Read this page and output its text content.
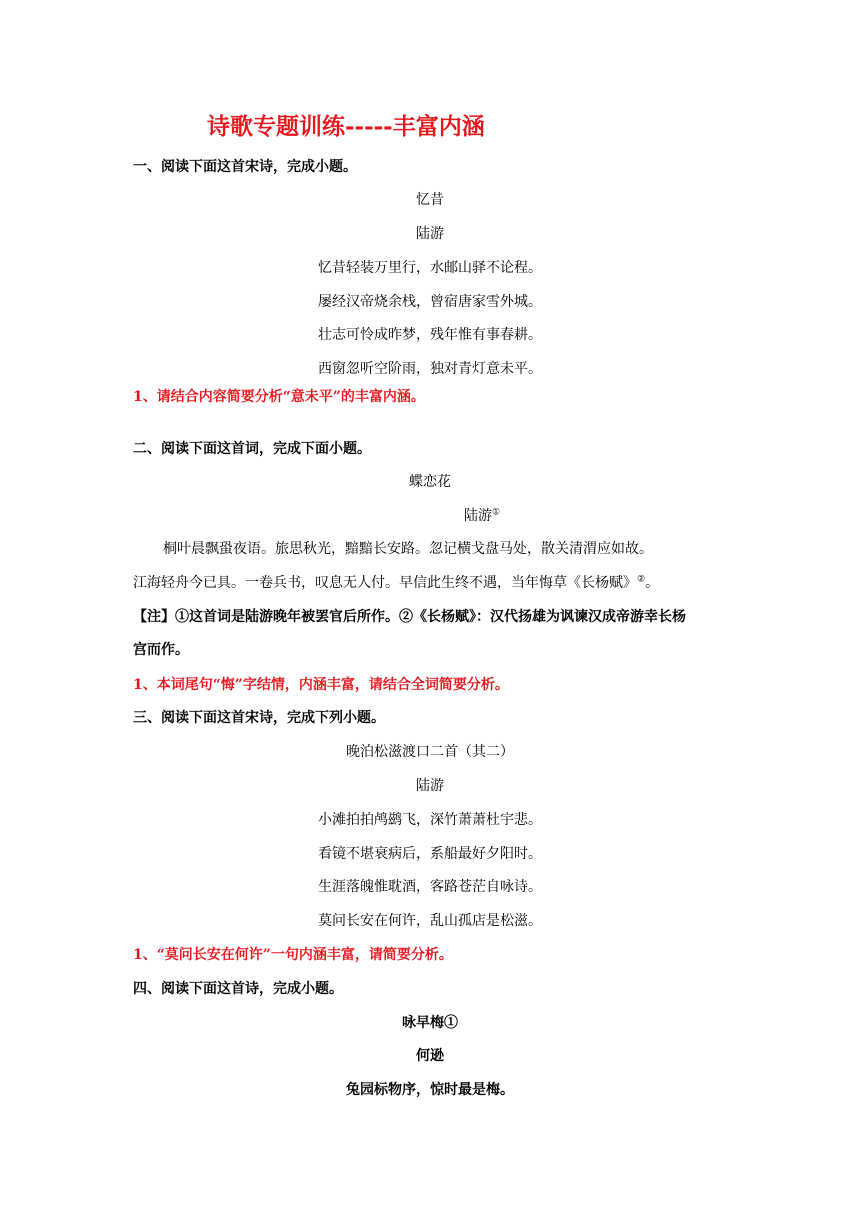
诗歌专题训练-----丰富内涵
一、阅读下面这首宋诗，完成小题。
忆昔
陆游
忆昔轻装万里行，水邮山驿不论程。
屡经汉帝烧余栈，曾宿唐家雪外城。
壮志可怜成昨梦，残年惟有事春耕。
西窗忽听空阶雨，独对青灯意未平。
1、请结合内容简要分析“意未平”的丰富内涵。
二、阅读下面这首词，完成下面小题。
蝶恋花
陆游①
桐叶晨飘蛩夜语。旅思秋光，黯黯长安路。忽记横戈盘马处，散关清渭应如故。
江海轻舟今已具。一卷兵书，叹息无人付。早信此生终不遇，当年悔草《长杨赋》②。
【注】①这首词是陆游晚年被罢官后所作。②《长杨赋》：汉代扬雄为讽谏汉成帝游幸长杨
宫而作。
1、本词尾句“悔”字结情，内涵丰富，请结合全词简要分析。
三、阅读下面这首宋诗，完成下列小题。
晚泊松滋渡口二首（其二）
陆游
小滩拍拍鸬鹚飞，深竹萧萧杜宇悲。
看镜不堪衰病后，系船最好夕阳时。
生涯落魄惟耽酒，客路苍茫自咏诗。
莫问长安在何许，乱山孤店是松滋。
1、“莫问长安在何许”一句内涵丰富，请简要分析。
四、阅读下面这首诗，完成小题。
咏早梅①
何逊
兔园标物序，惊时最是梅。
